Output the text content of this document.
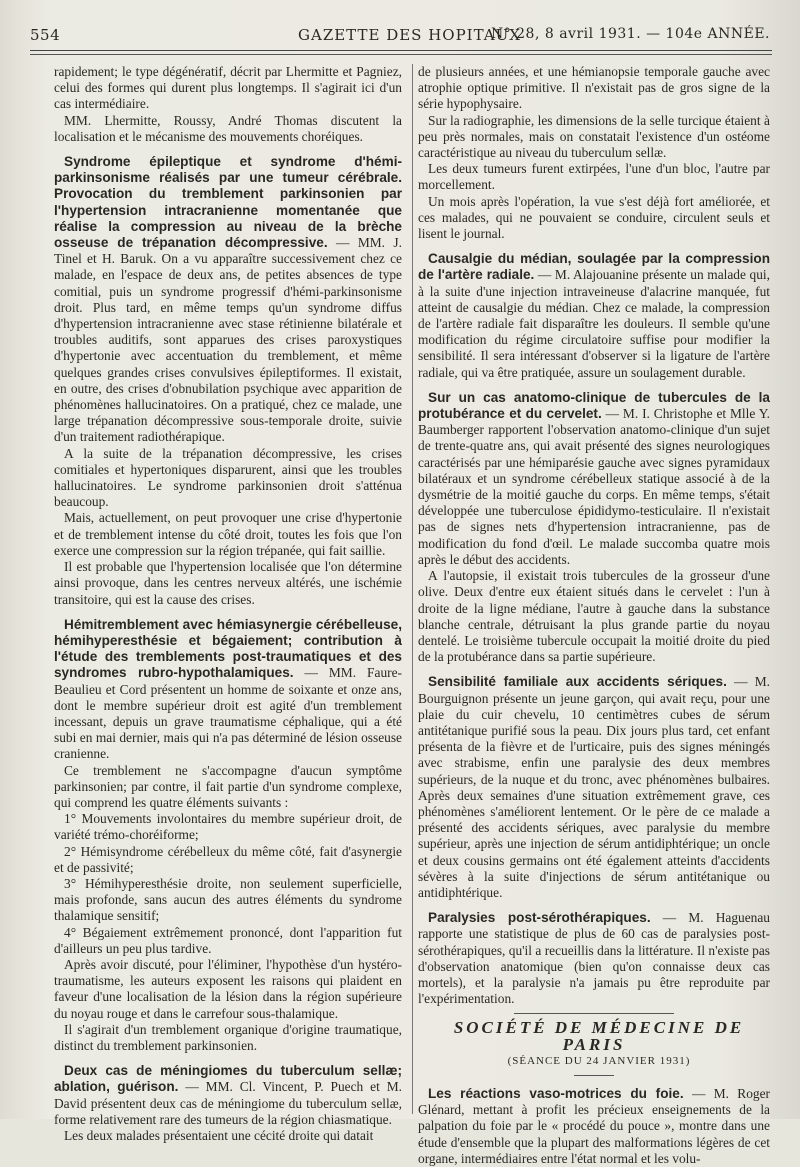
554	GAZETTE DES HOPITAUX
N° 28, 8 avril 1931. — 104e ANNÉE.

rapidement; le type dégénératif, décrit par Lhermitte et Pagniez, celui des formes qui durent plus longtemps. Il s'agirait ici d'un cas intermédiaire.

MM. Lhermitte, Roussy, André Thomas discutent la localisation et le mécanisme des mouvements choréiques.

Syndrome épileptique et syndrome d'hémi-parkinsonisme réalisés par une tumeur cérébrale. Provocation du tremblement parkinsonien par l'hypertension intracranienne momentanée que réalise la compression au niveau de la brèche osseuse de trépanation décompressive. — MM. J. Tinel et H. Baruk. On a vu apparaître successivement chez ce malade, en l'espace de deux ans, de petites absences de type comitial, puis un syndrome progressif d'hémi-parkinsonisme droit. Plus tard, en même temps qu'un syndrome diffus d'hypertension intracranienne avec stase rétinienne bilatérale et troubles auditifs, sont apparues des crises paroxystiques d'hypertonie avec accentuation du tremblement, et même quelques grandes crises convulsives épileptiformes. Il existait, en outre, des crises d'obnubilation psychique avec apparition de phénomènes hallucinatoires. On a pratiqué, chez ce malade, une large trépanation décompressive sous-temporale droite, suivie d'un traitement radiothérapique.

A la suite de la trépanation décompressive, les crises comitiales et hypertoniques disparurent, ainsi que les troubles hallucinatoires. Le syndrome parkinsonien droit s'atténua beaucoup.

Mais, actuellement, on peut provoquer une crise d'hypertonie et de tremblement intense du côté droit, toutes les fois que l'on exerce une compression sur la région trépanée, qui fait saillie.

Il est probable que l'hypertension localisée que l'on détermine ainsi provoque, dans les centres nerveux altérés, une ischémie transitoire, qui est la cause des crises.

Hémitremblement avec hémiasynergie cérébelleuse, hémihyperesthésie et bégaiement; contribution à l'étude des tremblements post-traumatiques et des syndromes rubro-hypothalamiques. — MM. Faure-Beaulieu et Cord présentent un homme de soixante et onze ans, dont le membre supérieur droit est agité d'un tremblement incessant, depuis un grave traumatisme céphalique, qui a été subi en mai dernier, mais qui n'a pas déterminé de lésion osseuse cranienne.

Ce tremblement ne s'accompagne d'aucun symptôme parkinsonien; par contre, il fait partie d'un syndrome complexe, qui comprend les quatre éléments suivants :

1° Mouvements involontaires du membre supérieur droit, de variété trémo-choréiforme;

2° Hémisyndrome cérébelleux du même côté, fait d'asynergie et de passivité;

3° Hémihyperesthésie droite, non seulement superficielle, mais profonde, sans aucun des autres éléments du syndrome thalamique sensitif;

4° Bégaiement extrêmement prononcé, dont l'apparition fut d'ailleurs un peu plus tardive.

Après avoir discuté, pour l'éliminer, l'hypothèse d'un hystéro-traumatisme, les auteurs exposent les raisons qui plaident en faveur d'une localisation de la lésion dans la région supérieure du noyau rouge et dans le carrefour sous-thalamique.

Il s'agirait d'un tremblement organique d'origine traumatique, distinct du tremblement parkinsonien.

Deux cas de méningiomes du tuberculum sellæ; ablation, guérison. — MM. Cl. Vincent, P. Puech et M. David présentent deux cas de méningiome du tuberculum sellæ, forme relativement rare des tumeurs de la région chiasmatique.

Les deux malades présentaient une cécité droite qui datait

de plusieurs années, et une hémianopsie temporale gauche avec atrophie optique primitive. Il n'existait pas de gros signe de la série hypophysaire.

Sur la radiographie, les dimensions de la selle turcique étaient à peu près normales, mais on constatait l'existence d'un ostéome caractéristique au niveau du tuberculum sellæ.

Les deux tumeurs furent extirpées, l'une d'un bloc, l'autre par morcellement.

Un mois après l'opération, la vue s'est déjà fort améliorée, et ces malades, qui ne pouvaient se conduire, circulent seuls et lisent le journal.

Causalgie du médian, soulagée par la compression de l'artère radiale. — M. Alajouanine présente un malade qui, à la suite d'une injection intraveineuse d'alacrine manquée, fut atteint de causalgie du médian. Chez ce malade, la compression de l'artère radiale fait disparaître les douleurs. Il semble qu'une modification du régime circulatoire suffise pour modifier la sensibilité. Il sera intéressant d'observer si la ligature de l'artère radiale, qui va être pratiquée, assure un soulagement durable.

Sur un cas anatomo-clinique de tubercules de la protubérance et du cervelet. — M. I. Christophe et Mlle Y. Baumberger rapportent l'observation anatomo-clinique d'un sujet de trente-quatre ans, qui avait présenté des signes neurologiques caractérisés par une hémiparésie gauche avec signes pyramidaux bilatéraux et un syndrome cérébelleux statique associé à de la dysmétrie de la moitié gauche du corps. En même temps, s'était développée une tuberculose épididymo-testiculaire. Il n'existait pas de signes nets d'hypertension intracranienne, pas de modification du fond d'œil. Le malade succomba quatre mois après le début des accidents.

A l'autopsie, il existait trois tubercules de la grosseur d'une olive. Deux d'entre eux étaient situés dans le cervelet : l'un à droite de la ligne médiane, l'autre à gauche dans la substance blanche centrale, détruisant la plus grande partie du noyau dentelé. Le troisième tubercule occupait la moitié droite du pied de la protubérance dans sa partie supérieure.

Sensibilité familiale aux accidents sériques. — M. Bourguignon présente un jeune garçon, qui avait reçu, pour une plaie du cuir chevelu, 10 centimètres cubes de sérum antitétanique purifié sous la peau. Dix jours plus tard, cet enfant présenta de la fièvre et de l'urticaire, puis des signes méningés avec strabisme, enfin une paralysie des deux membres supérieurs, de la nuque et du tronc, avec phénomènes bulbaires. Après deux semaines d'une situation extrêmement grave, ces phénomènes s'améliorent lentement. Or le père de ce malade a présenté des accidents sériques, avec paralysie du membre supérieur, après une injection de sérum antidiphtérique; un oncle et deux cousins germains ont été également atteints d'accidents sévères à la suite d'injections de sérum antitétanique ou antidiphtérique.

Paralysies post-sérothérapiques. — M. Haguenau rapporte une statistique de plus de 60 cas de paralysies post-sérothérapiques, qu'il a recueillis dans la littérature. Il n'existe pas d'observation anatomique (bien qu'on connaisse deux cas mortels), et la paralysie n'a jamais pu être reproduite par l'expérimentation.

SOCIÉTÉ DE MÉDECINE DE PARIS

(SÉANCE DU 24 JANVIER 1931)

Les réactions vaso-motrices du foie. — M. Roger Glénard, mettant à profit les précieux enseignements de la palpation du foie par le « procédé du pouce », montre dans une étude d'ensemble que la plupart des malformations légères de cet organe, intermédiaires entre l'état normal et les volu-
